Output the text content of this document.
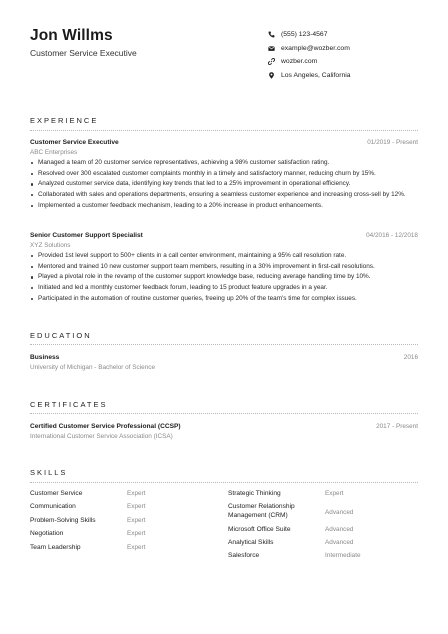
Jon Willms
Customer Service Executive
(555) 123-4567
example@wozber.com
wozber.com
Los Angeles, California
EXPERIENCE
Customer Service Executive	01/2019 - Present
ABC Enterprises
Managed a team of 20 customer service representatives, achieving a 98% customer satisfaction rating.
Resolved over 300 escalated customer complaints monthly in a timely and satisfactory manner, reducing churn by 15%.
Analyzed customer service data, identifying key trends that led to a 25% improvement in operational efficiency.
Collaborated with sales and operations departments, ensuring a seamless customer experience and increasing cross-sell by 12%.
Implemented a customer feedback mechanism, leading to a 20% increase in product enhancements.
Senior Customer Support Specialist	04/2016 - 12/2018
XYZ Solutions
Provided 1st level support to 500+ clients in a call center environment, maintaining a 95% call resolution rate.
Mentored and trained 10 new customer support team members, resulting in a 30% improvement in first-call resolutions.
Played a pivotal role in the revamp of the customer support knowledge base, reducing average handling time by 10%.
Initiated and led a monthly customer feedback forum, leading to 15 product feature upgrades in a year.
Participated in the automation of routine customer queries, freeing up 20% of the team's time for complex issues.
EDUCATION
Business	2016
University of Michigan - Bachelor of Science
CERTIFICATES
Certified Customer Service Professional (CCSP)	2017 - Present
International Customer Service Association (ICSA)
SKILLS
Customer Service	Expert
Communication	Expert
Problem-Solving Skills	Expert
Negotiation	Expert
Team Leadership	Expert
Strategic Thinking	Expert
Customer Relationship Management (CRM)	Advanced
Microsoft Office Suite	Advanced
Analytical Skills	Advanced
Salesforce	Intermediate
